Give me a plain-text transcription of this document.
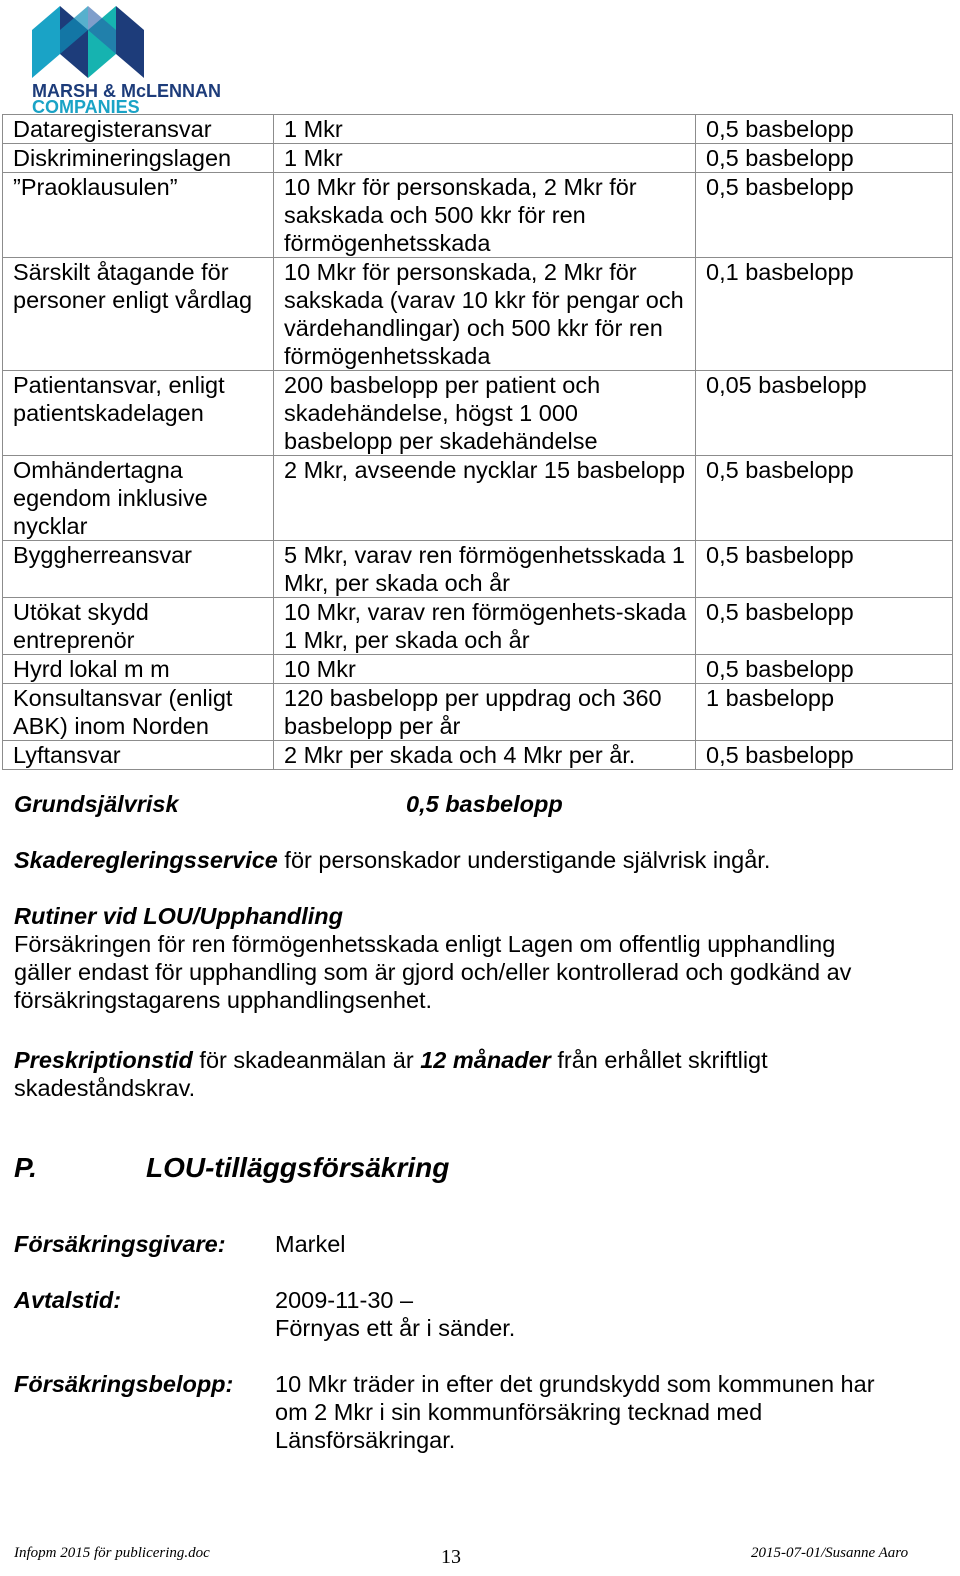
MARSH & McLENNAN
COMPANIES
Dataregisteransvar	1 Mkr	0,5 basbelopp
Diskrimineringslagen	1 Mkr	0,5 basbelopp
”Praoklausulen”	10 Mkr för personskada, 2 Mkr för sakskada och 500 kkr för ren förmögenhetsskada	0,5 basbelopp
Särskilt åtagande för personer enligt vårdlag	10 Mkr för personskada, 2 Mkr för sakskada (varav 10 kkr för pengar och värdehandlingar) och 500 kkr för ren förmögenhetsskada	0,1 basbelopp
Patientansvar, enligt patientskadelagen	200 basbelopp per patient och skadehändelse, högst 1 000 basbelopp per skadehändelse	0,05 basbelopp
Omhändertagna egendom inklusive nycklar	2 Mkr, avseende nycklar 15 basbelopp	0,5 basbelopp
Byggherreansvar	5 Mkr, varav ren förmögenhetsskada 1 Mkr, per skada och år	0,5 basbelopp
Utökat skydd entreprenör	10 Mkr, varav ren förmögenhets-skada 1 Mkr, per skada och år	0,5 basbelopp
Hyrd lokal m m	10 Mkr	0,5 basbelopp
Konsultansvar (enligt ABK) inom Norden	120 basbelopp per uppdrag och 360 basbelopp per år	1 basbelopp
Lyftansvar	2 Mkr per skada och 4 Mkr per år.	0,5 basbelopp
Grundsjälvrisk	0,5 basbelopp
Skaderegleringsservice för personskador understigande självrisk ingår.
Rutiner vid LOU/Upphandling
Försäkringen för ren förmögenhetsskada enligt Lagen om offentlig upphandling
gäller endast för upphandling som är gjord och/eller kontrollerad och godkänd av
försäkringstagarens upphandlingsenhet.
Preskriptionstid för skadeanmälan är 12 månader från erhållet skriftligt
skadeståndskrav.
P.	LOU-tilläggsförsäkring
Försäkringsgivare: Markel
Avtalstid:	2009-11-30 –
Förnyas ett år i sänder.
Försäkringsbelopp: 10 Mkr träder in efter det grundskydd som kommunen har
om 2 Mkr i sin kommunförsäkring tecknad med
Länsförsäkringar.
Infopm 2015 för publicering.doc	13	2015-07-01/Susanne Aaro
